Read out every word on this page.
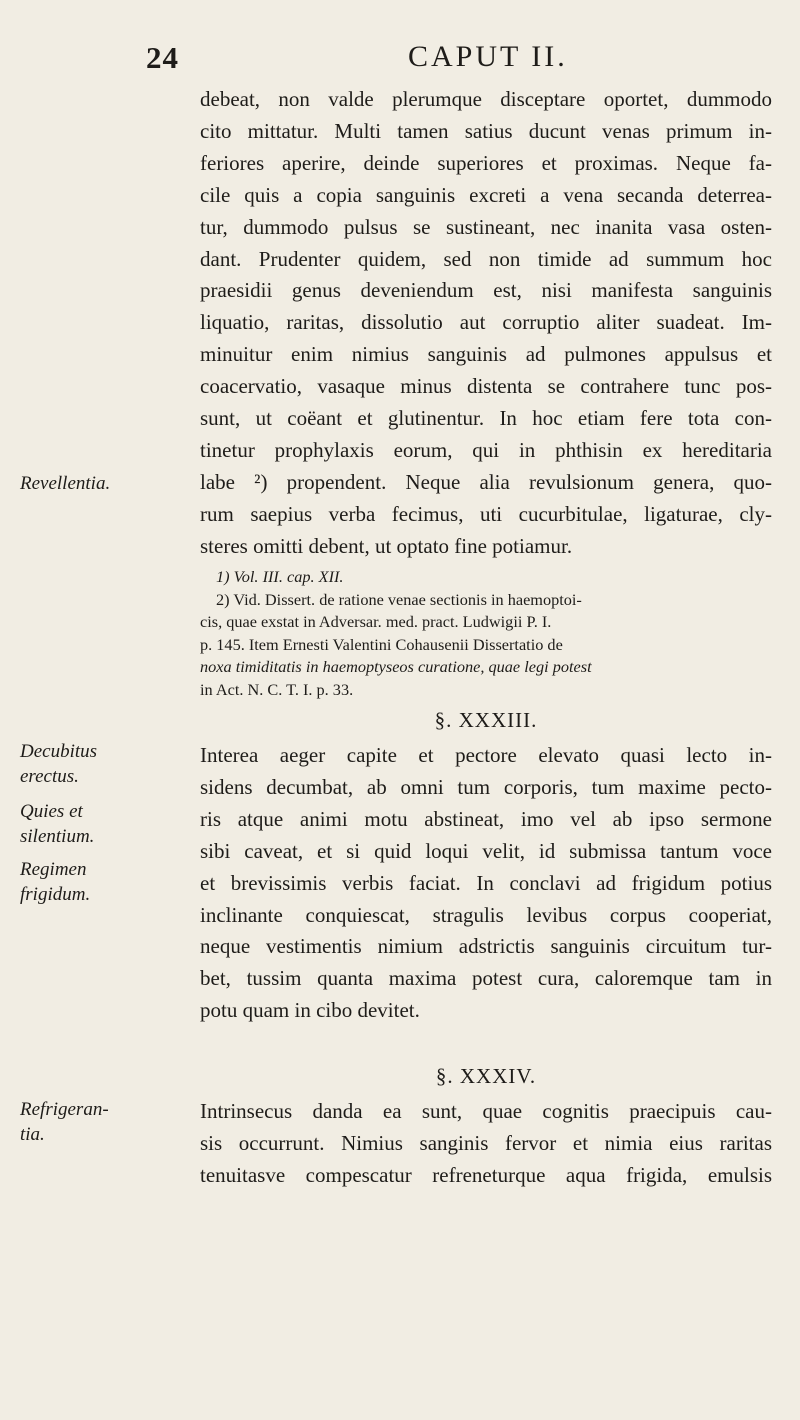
24	CAPUT II.
debeat, non valde plerumque disceptare oportet, dummodo
cito mittatur. Multi tamen satius ducunt venas primum in-
feriores aperire, deinde superiores et proximas. Neque fa-
cile quis a copia sanguinis excreti a vena secanda deterrea-
tur, dummodo pulsus se sustineant, nec inanita vasa osten-
dant. Prudenter quidem, sed non timide ad summum hoc
praesidii genus deveniendum est, nisi manifesta sanguinis
liquatio, raritas, dissolutio aut corruptio aliter suadeat. Im-
minuitur enim nimius sanguinis ad pulmones appulsus et
coacervatio, vasaque minus distenta se contrahere tunc pos-
sunt, ut coëant et glutinentur. In hoc etiam fere tota con-
tinetur prophylaxis eorum, qui in phthisin ex hereditaria
labe ²) propendent. Neque alia revulsionum genera, quo-
rum saepius verba fecimus, uti cucurbitulae, ligaturae, cly-
steres omitti debent, ut optato fine potiamur.
1) Vol. III. cap. XII.
2) Vid. Dissert. de ratione venae sectionis in haemoptoi-
cis, quae exstat in Adversar. med. pract. Ludwigii P. I.
p. 145. Item Ernesti Valentini Cohausenii Dissertatio de
noxa timiditatis in haemoptyseos curatione, quae legi potest
in Act. N. C. T. I. p. 33.
§. XXXIII.
Interea aeger capite et pectore elevato quasi lecto in-
sidens decumbat, ab omni tum corporis, tum maxime pecto-
ris atque animi motu abstineat, imo vel ab ipso sermone
sibi caveat, et si quid loqui velit, id submissa tantum voce
et brevissimis verbis faciat. In conclavi ad frigidum potius
inclinante conquiescat, stragulis levibus corpus cooperiat,
neque vestimentis nimium adstrictis sanguinis circuitum tur-
bet, tussim quanta maxima potest cura, caloremque tam in
potu quam in cibo devitet.
§. XXXIV.
Intrinsecus danda ea sunt, quae cognitis praecipuis cau-
sis occurrunt. Nimius sanginis fervor et nimia eius raritas
tenuitasve compescatur refreneturque aqua frigida, emulsis
Revellentia.
Decubitus
erectus.
Quies et
silentium.
Regimen
frigidum.
Refrigeran-
tia.
